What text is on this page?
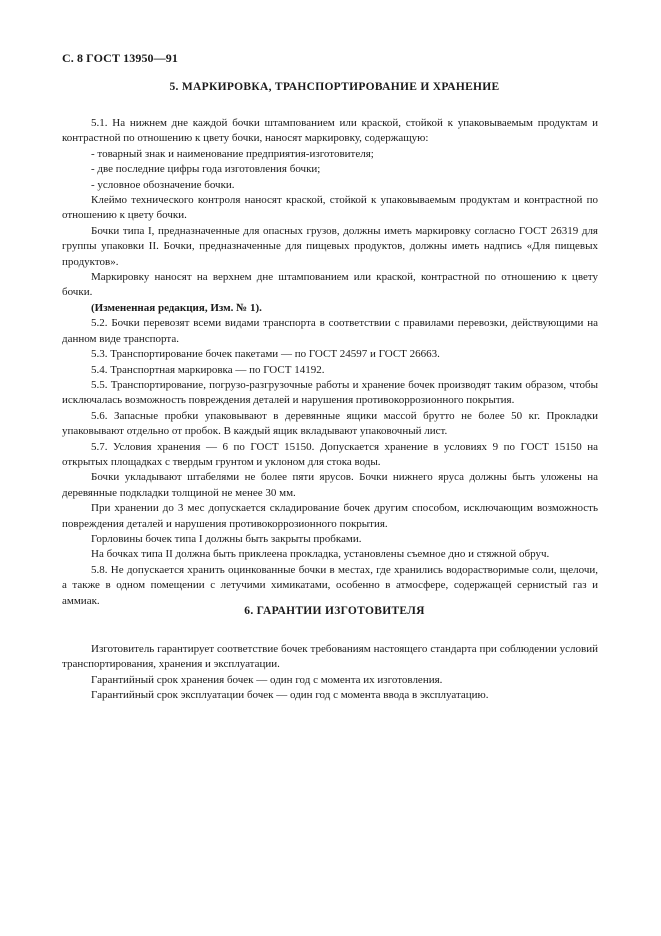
С. 8 ГОСТ 13950—91
5. МАРКИРОВКА, ТРАНСПОРТИРОВАНИЕ И ХРАНЕНИЕ

5.1. На нижнем дне каждой бочки штампованием или краской, стойкой к упаковываемым продуктам и контрастной по отношению к цвету бочки, наносят маркировку, содержащую:

- товарный знак и наименование предприятия-изготовителя;

- две последние цифры года изготовления бочки;

- условное обозначение бочки.

Клеймо технического контроля наносят краской, стойкой к упаковываемым продуктам и контрастной по отношению к цвету бочки.

Бочки типа I, предназначенные для опасных грузов, должны иметь маркировку согласно ГОСТ 26319 для группы упаковки II. Бочки, предназначенные для пищевых продуктов, должны иметь надпись «Для пищевых продуктов».

Маркировку наносят на верхнем дне штампованием или краской, контрастной по отношению к цвету бочки.

(Измененная редакция, Изм. № 1).

5.2. Бочки перевозят всеми видами транспорта в соответствии с правилами перевозки, действующими на данном виде транспорта.

5.3. Транспортирование бочек пакетами — по ГОСТ 24597 и ГОСТ 26663.

5.4. Транспортная маркировка — по ГОСТ 14192.

5.5. Транспортирование, погрузо-разгрузочные работы и хранение бочек производят таким образом, чтобы исключалась возможность повреждения деталей и нарушения противокоррозионного покрытия.

5.6. Запасные пробки упаковывают в деревянные ящики массой брутто не более 50 кг. Прокладки упаковывают отдельно от пробок. В каждый ящик вкладывают упаковочный лист.

5.7. Условия хранения — 6 по ГОСТ 15150. Допускается хранение в условиях 9 по ГОСТ 15150 на открытых площадках с твердым грунтом и уклоном для стока воды.

Бочки укладывают штабелями не более пяти ярусов. Бочки нижнего яруса должны быть уложены на деревянные подкладки толщиной не менее 30 мм.

При хранении до 3 мес допускается складирование бочек другим способом, исключающим возможность повреждения деталей и нарушения противокоррозионного покрытия.

Горловины бочек типа I должны быть закрыты пробками.

На бочках типа II должна быть приклеена прокладка, установлены съемное дно и стяжной обруч.

5.8. Не допускается хранить оцинкованные бочки в местах, где хранились водорастворимые соли, щелочи, а также в одном помещении с летучими химикатами, особенно в атмосфере, содержащей сернистый газ и аммиак.

6. ГАРАНТИИ ИЗГОТОВИТЕЛЯ

Изготовитель гарантирует соответствие бочек требованиям настоящего стандарта при соблюдении условий транспортирования, хранения и эксплуатации.

Гарантийный срок хранения бочек — один год с момента их изготовления.

Гарантийный срок эксплуатации бочек — один год с момента ввода в эксплуатацию.
